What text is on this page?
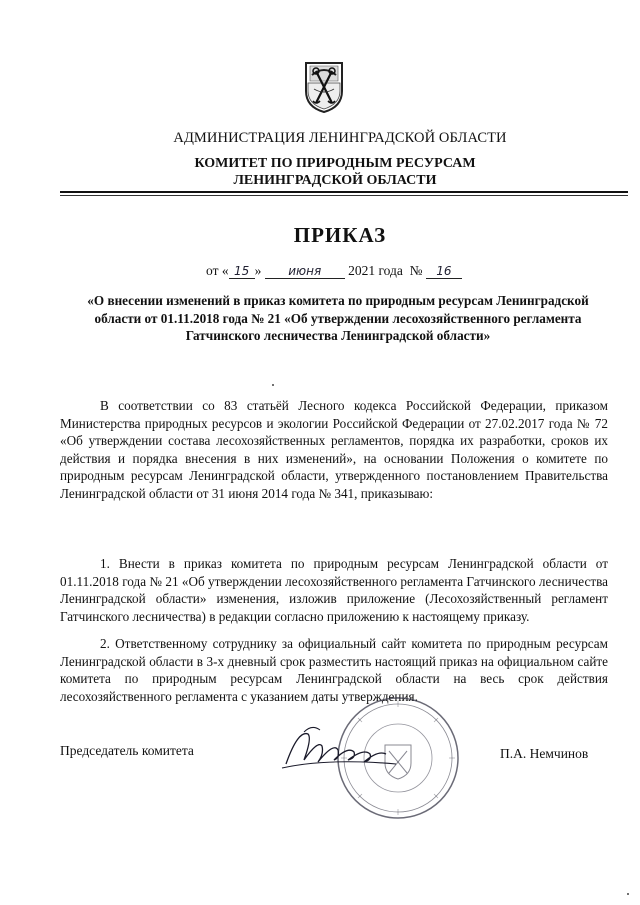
АДМИНИСТРАЦИЯ ЛЕНИНГРАДСКОЙ ОБЛАСТИ
КОМИТЕТ ПО ПРИРОДНЫМ РЕСУРСАМ
ЛЕНИНГРАДСКОЙ ОБЛАСТИ
ПРИКАЗ
от « 15 » июня 2021 года № 16
«О внесении изменений в приказ комитета по природным ресурсам Ленинградской области от 01.11.2018 года № 21 «Об утверждении лесохозяйственного регламента Гатчинского лесничества Ленинградской области»
В соответствии со 83 статьёй Лесного кодекса Российской Федерации, приказом Министерства природных ресурсов и экологии Российской Федерации от 27.02.2017 года № 72 «Об утверждении состава лесохозяйственных регламентов, порядка их разработки, сроков их действия и порядка внесения в них изменений», на основании Положения о комитете по природным ресурсам Ленинградской области, утвержденного постановлением Правительства Ленинградской области от 31 июня 2014 года № 341, приказываю:
1. Внести в приказ комитета по природным ресурсам Ленинградской области от 01.11.2018 года № 21 «Об утверждении лесохозяйственного регламента Гатчинского лесничества Ленинградской области» изменения, изложив приложение (Лесохозяйственный регламент Гатчинского лесничества) в редакции согласно приложению к настоящему приказу.
2. Ответственному сотруднику за официальный сайт комитета по природным ресурсам Ленинградской области в 3-х дневный срок разместить настоящий приказ на официальном сайте комитета по природным ресурсам Ленинградской области на весь срок действия лесохозяйственного регламента с указанием даты утверждения.
Председатель комитета	П.А. Немчинов
